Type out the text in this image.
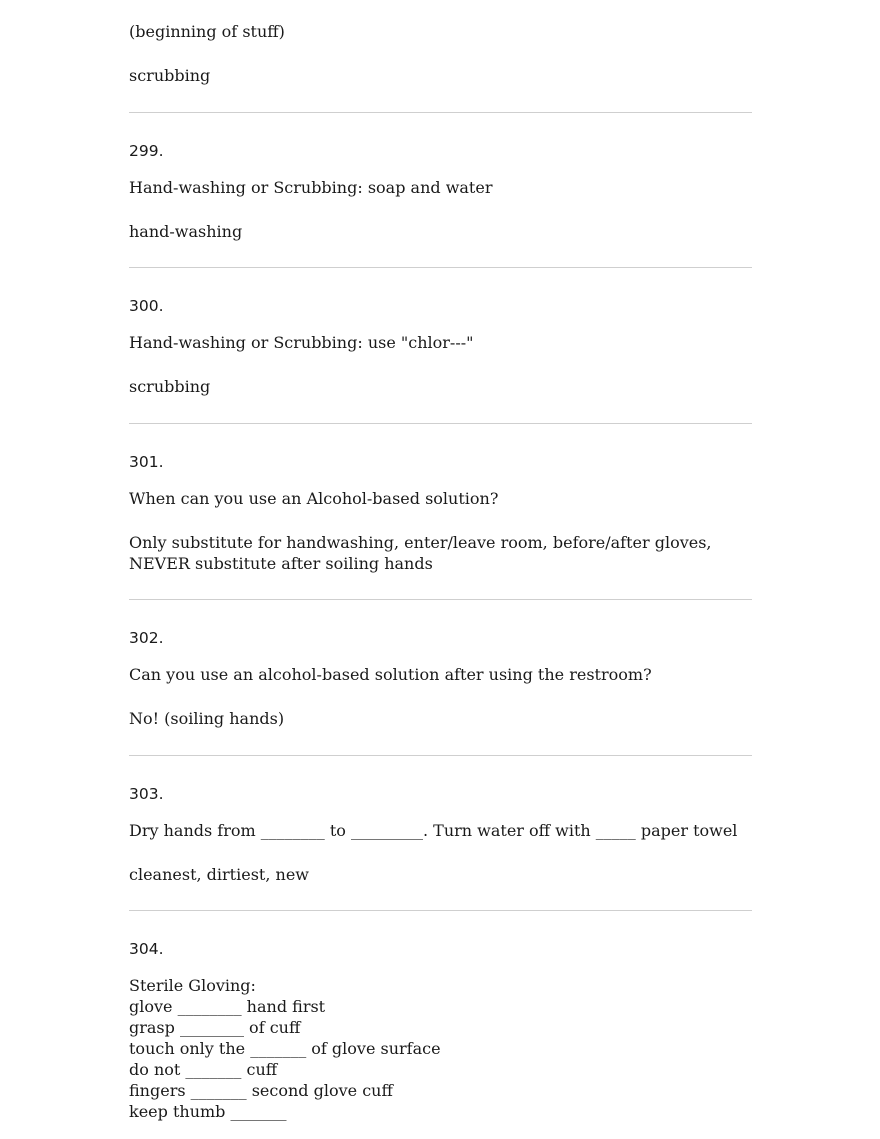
(beginning of stuff)
scrubbing
299.
Hand-washing or Scrubbing: soap and water
hand-washing
300.
Hand-washing or Scrubbing: use "chlor---"
scrubbing
301.
When can you use an Alcohol-based solution?
Only substitute for handwashing, enter/leave room, before/after gloves,
NEVER substitute after soiling hands
302.
Can you use an alcohol-based solution after using the restroom?
No! (soiling hands)
303.
Dry hands from ________ to _________. Turn water off with _____ paper towel
cleanest, dirtiest, new
304.
Sterile Gloving:
glove ________ hand first
grasp ________ of cuff
touch only the _______ of glove surface
do not _______ cuff
fingers _______ second glove cuff
keep thumb _______
